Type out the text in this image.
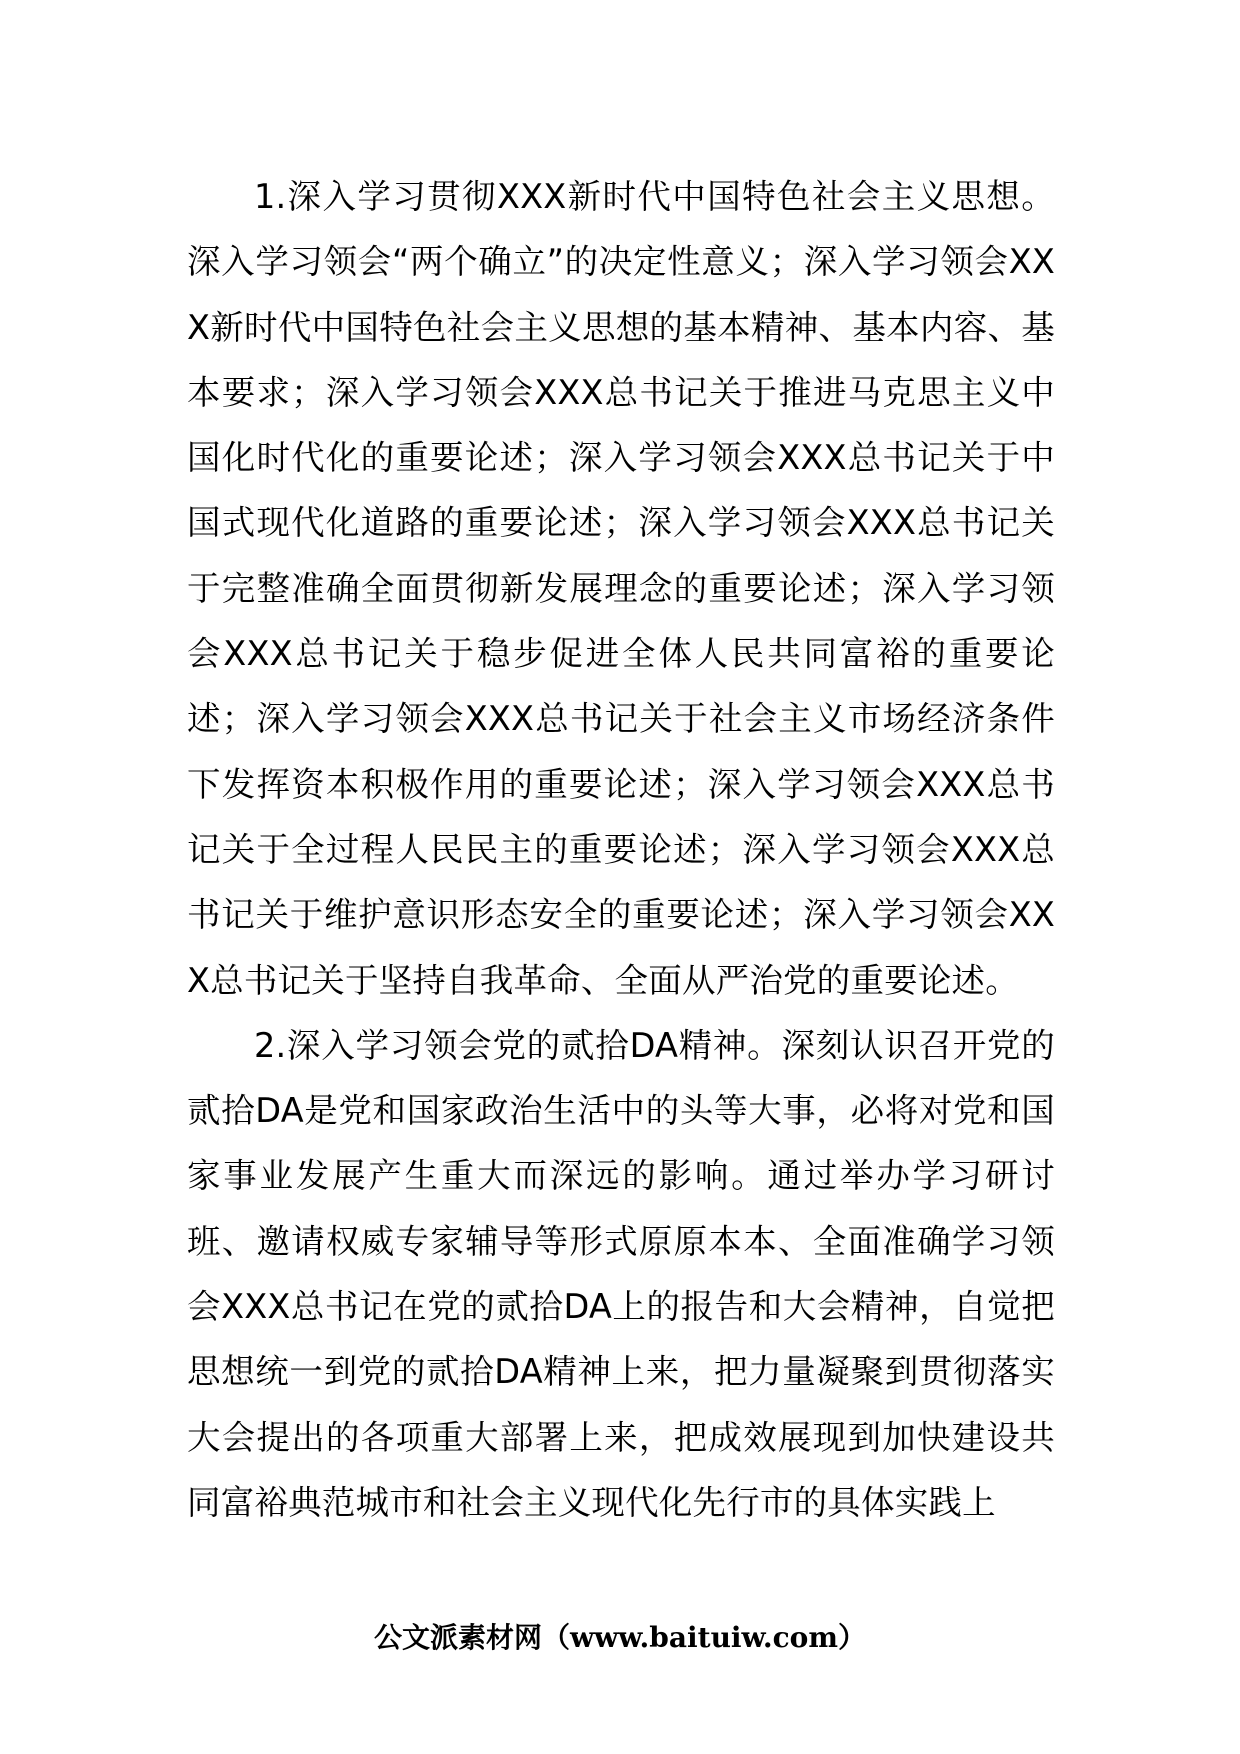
1.深入学习贯彻XXX新时代中国特色社会主义思想。深入学习领会“两个确立”的决定性意义；深入学习领会XXX新时代中国特色社会主义思想的基本精神、基本内容、基本要求；深入学习领会XXX总书记关于推进马克思主义中国化时代化的重要论述；深入学习领会XXX总书记关于中国式现代化道路的重要论述；深入学习领会XXX总书记关于完整准确全面贯彻新发展理念的重要论述；深入学习领会XXX总书记关于稳步促进全体人民共同富裕的重要论述；深入学习领会XXX总书记关于社会主义市场经济条件下发挥资本积极作用的重要论述；深入学习领会XXX总书记关于全过程人民民主的重要论述；深入学习领会XXX总书记关于维护意识形态安全的重要论述；深入学习领会XXX总书记关于坚持自我革命、全面从严治党的重要论述。

2.深入学习领会党的贰拾DA精神。深刻认识召开党的贰拾DA是党和国家政治生活中的头等大事，必将对党和国家事业发展产生重大而深远的影响。通过举办学习研讨班、邀请权威专家辅导等形式原原本本、全面准确学习领会XXX总书记在党的贰拾DA上的报告和大会精神，自觉把思想统一到党的贰拾DA精神上来，把力量凝聚到贯彻落实大会提出的各项重大部署上来，把成效展现到加快建设共同富裕典范城市和社会主义现代化先行市的具体实践上

公文派素材网（www.baituiw.com）
